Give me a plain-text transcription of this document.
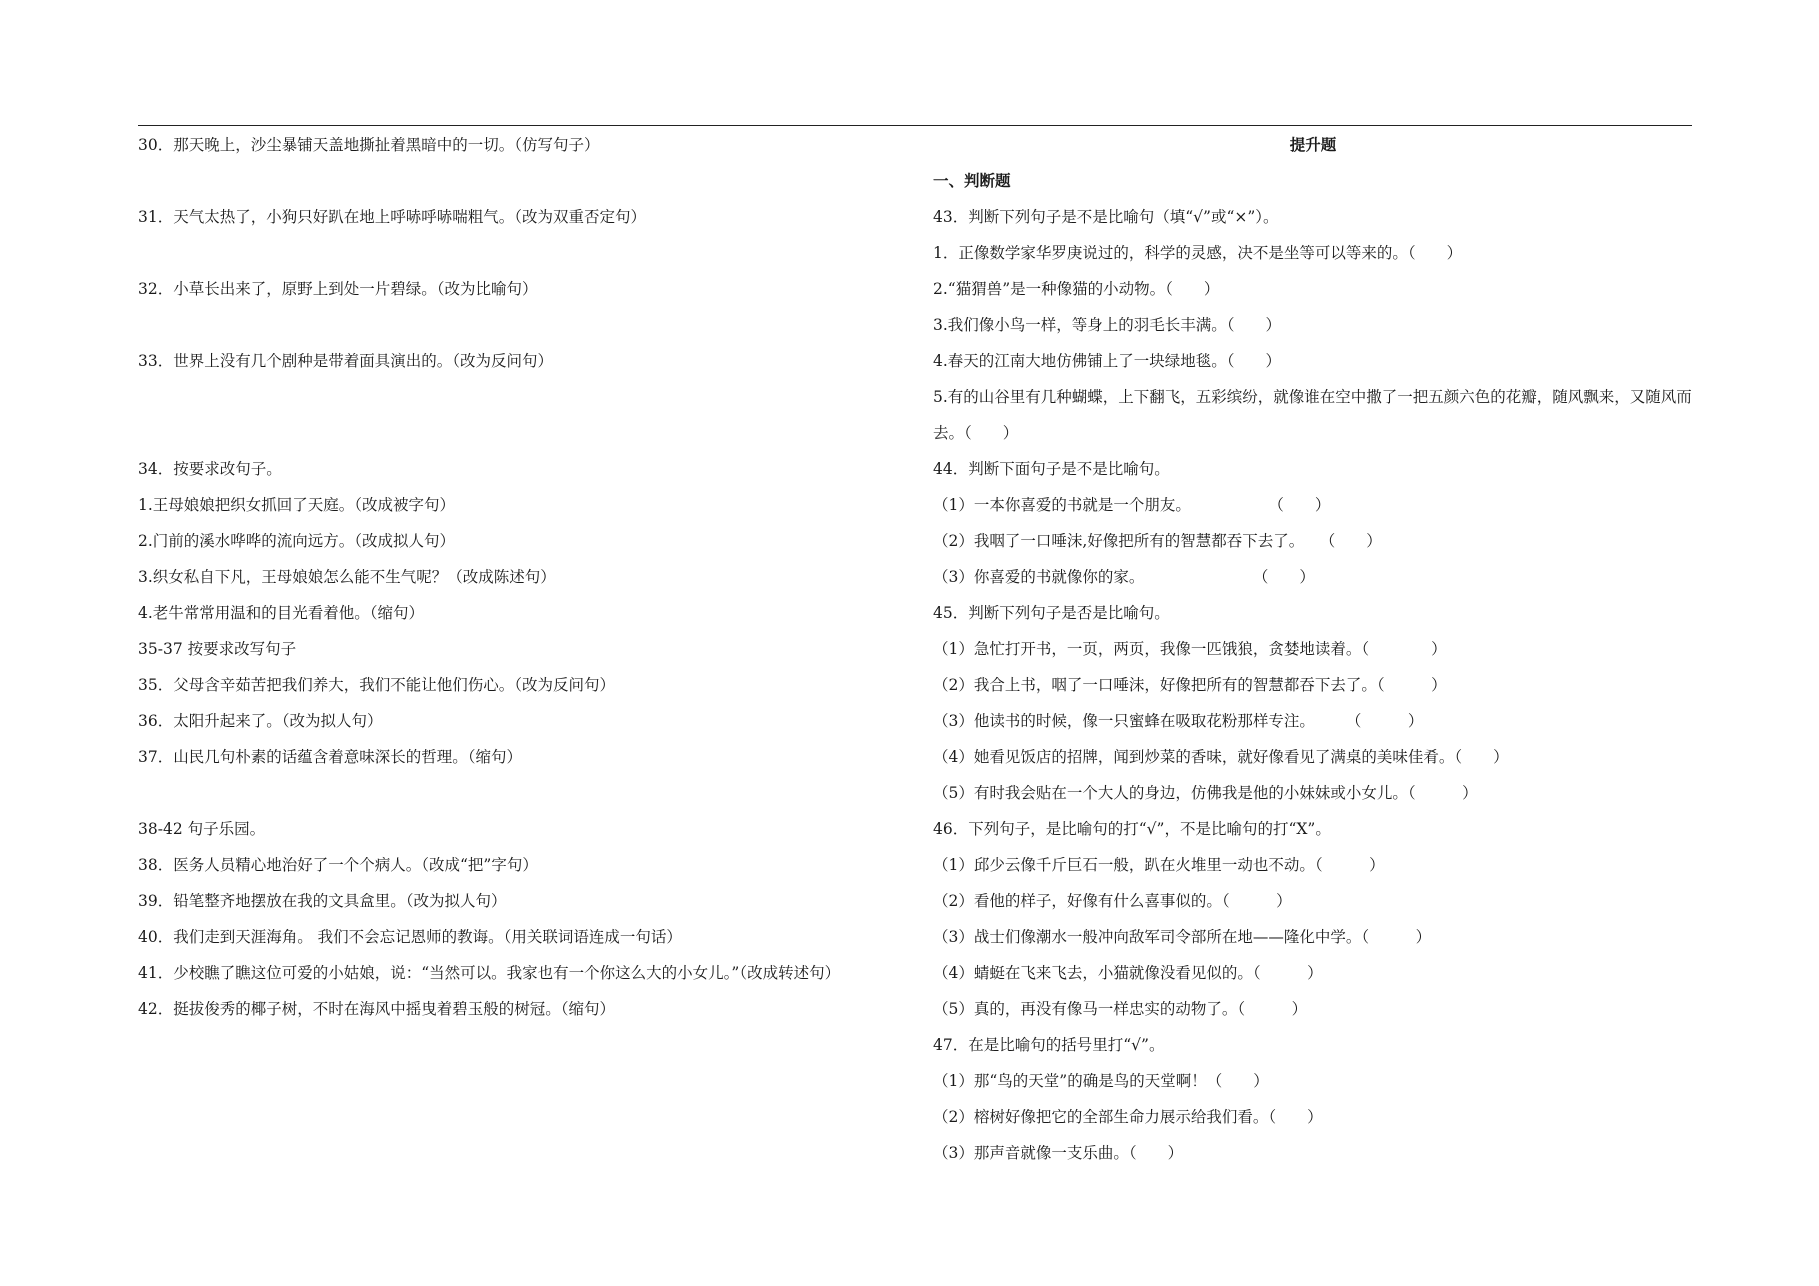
30．那天晚上，沙尘暴铺天盖地撕扯着黑暗中的一切。（仿写句子）
31．天气太热了，小狗只好趴在地上呼哧呼哧喘粗气。（改为双重否定句）
32．小草长出来了，原野上到处一片碧绿。（改为比喻句）
33．世界上没有几个剧种是带着面具演出的。（改为反问句）
34．按要求改句子。
1.王母娘娘把织女抓回了天庭。（改成被字句）
2.门前的溪水哗哗的流向远方。（改成拟人句）
3.织女私自下凡，王母娘娘怎么能不生气呢？（改成陈述句）
4.老牛常常用温和的目光看着他。（缩句）
35-37 按要求改写句子
35．父母含辛茹苦把我们养大，我们不能让他们伤心。（改为反问句）
36．太阳升起来了。（改为拟人句）
37．山民几句朴素的话蕴含着意味深长的哲理。（缩句）
38-42 句子乐园。
38．医务人员精心地治好了一个个病人。（改成“把”字句）
39．铅笔整齐地摆放在我的文具盒里。（改为拟人句）
40．我们走到天涯海角。 我们不会忘记恩师的教诲。（用关联词语连成一句话）
41．少校瞧了瞧这位可爱的小姑娘，说：“当然可以。我家也有一个你这么大的小女儿。”（改成转述句）
42．挺拔俊秀的椰子树，不时在海风中摇曳着碧玉般的树冠。（缩句）
提升题
一、判断题
43．判断下列句子是不是比喻句（填“√”或“×”）。
1．正像数学家华罗庚说过的，科学的灵感，决不是坐等可以等来的。（　　）
2.“猫猬兽”是一种像猫的小动物。（　　）
3.我们像小鸟一样，等身上的羽毛长丰满。（　　）
4.春天的江南大地仿佛铺上了一块绿地毯。（　　）
5.有的山谷里有几种蝴蝶，上下翻飞，五彩缤纷，就像谁在空中撒了一把五颜六色的花瓣，随风飘来，又随风而去。（　　）
44．判断下面句子是不是比喻句。
（1）一本你喜爱的书就是一个朋友。　　　　　　（　　）
（2）我咽了一口唾沫,好像把所有的智慧都吞下去了。　　（　　）
（3）你喜爱的书就像你的家。　　　　　　　　（　　）
45．判断下列句子是否是比喻句。
（1）急忙打开书，一页，两页，我像一匹饿狼，贪婪地读着。（　　　　）
（2）我合上书，咽了一口唾沫，好像把所有的智慧都吞下去了。（　　　）
（3）他读书的时候，像一只蜜蜂在吸取花粉那样专注。　　　（　　　）
（4）她看见饭店的招牌，闻到炒菜的香味，就好像看见了满桌的美味佳肴。（　　）
（5）有时我会贴在一个大人的身边，仿佛我是他的小妹妹或小女儿。（　　　）
46．下列句子，是比喻句的打“√”，不是比喻句的打“X”。
（1）邱少云像千斤巨石一般，趴在火堆里一动也不动。（　　　）
（2）看他的样子，好像有什么喜事似的。（　　　）
（3）战士们像潮水一般冲向敌军司令部所在地——隆化中学。（　　　）
（4）蜻蜓在飞来飞去，小猫就像没看见似的。（　　　）
（5）真的，再没有像马一样忠实的动物了。（　　　）
47．在是比喻句的括号里打“√”。
（1）那“鸟的天堂”的确是鸟的天堂啊！（　　）
（2）榕树好像把它的全部生命力展示给我们看。（　　）
（3）那声音就像一支乐曲。（　　）
